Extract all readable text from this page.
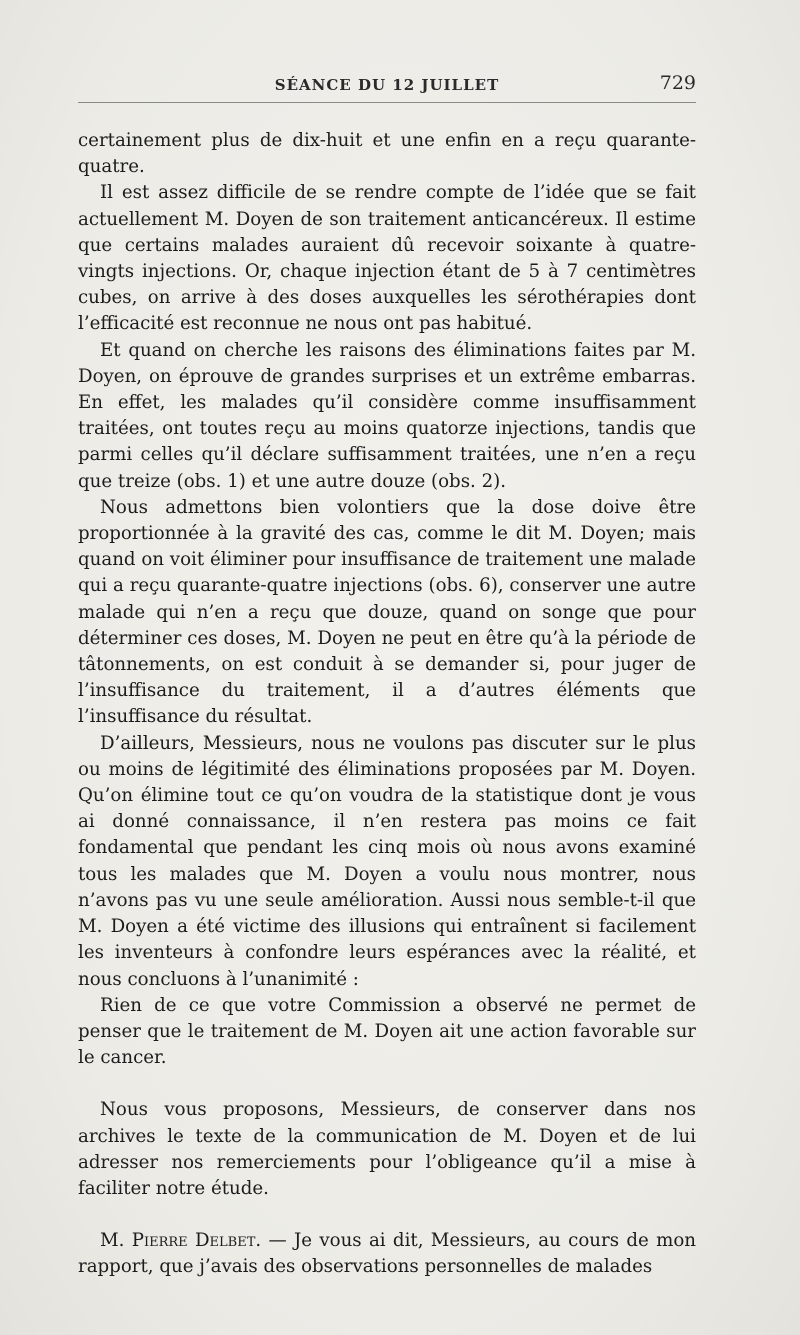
SÉANCE DU 12 JUILLET	729

certainement plus de dix-huit et une enfin en a reçu quarante-quatre.

Il est assez difficile de se rendre compte de l’idée que se fait actuellement M. Doyen de son traitement anticancéreux. Il estime que certains malades auraient dû recevoir soixante à quatre-vingts injections. Or, chaque injection étant de 5 à 7 centimètres cubes, on arrive à des doses auxquelles les sérothérapies dont l’efficacité est reconnue ne nous ont pas habitué.

Et quand on cherche les raisons des éliminations faites par M. Doyen, on éprouve de grandes surprises et un extrême embarras. En effet, les malades qu’il considère comme insuffisamment traitées, ont toutes reçu au moins quatorze injections, tandis que parmi celles qu’il déclare suffisamment traitées, une n’en a reçu que treize (obs. 1) et une autre douze (obs. 2).

Nous admettons bien volontiers que la dose doive être proportionnée à la gravité des cas, comme le dit M. Doyen; mais quand on voit éliminer pour insuffisance de traitement une malade qui a reçu quarante-quatre injections (obs. 6), conserver une autre malade qui n’en a reçu que douze, quand on songe que pour déterminer ces doses, M. Doyen ne peut en être qu’à la période de tâtonnements, on est conduit à se demander si, pour juger de l’insuffisance du traitement, il a d’autres éléments que l’insuffisance du résultat.

D’ailleurs, Messieurs, nous ne voulons pas discuter sur le plus ou moins de légitimité des éliminations proposées par M. Doyen. Qu’on élimine tout ce qu’on voudra de la statistique dont je vous ai donné connaissance, il n’en restera pas moins ce fait fondamental que pendant les cinq mois où nous avons examiné tous les malades que M. Doyen a voulu nous montrer, nous n’avons pas vu une seule amélioration. Aussi nous semble-t-il que M. Doyen a été victime des illusions qui entraînent si facilement les inventeurs à confondre leurs espérances avec la réalité, et nous concluons à l’unanimité :

Rien de ce que votre Commission a observé ne permet de penser que le traitement de M. Doyen ait une action favorable sur le cancer.

Nous vous proposons, Messieurs, de conserver dans nos archives le texte de la communication de M. Doyen et de lui adresser nos remerciements pour l’obligeance qu’il a mise à faciliter notre étude.

M. Pierre Delbet. — Je vous ai dit, Messieurs, au cours de mon rapport, que j’avais des observations personnelles de malades
